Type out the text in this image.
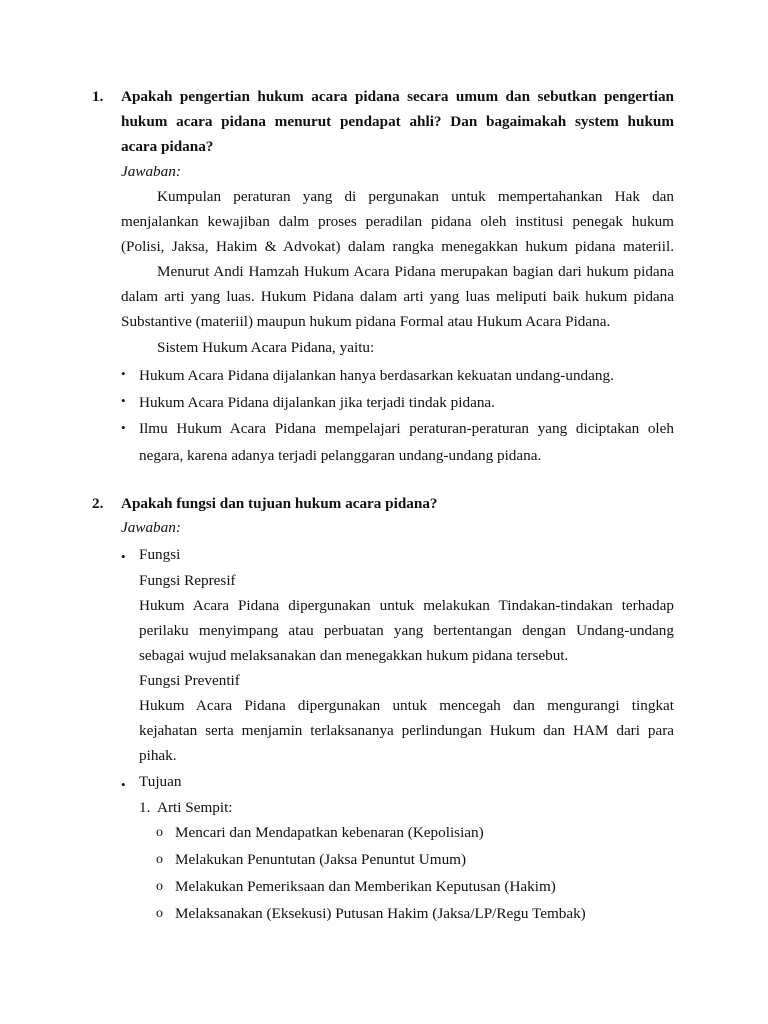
1. Apakah pengertian hukum acara pidana secara umum dan sebutkan pengertian
hukum acara pidana menurut pendapat ahli? Dan bagaimakah system hukum
acara pidana?
Jawaban:
Kumpulan peraturan yang di pergunakan untuk mempertahankan Hak dan
menjalankan kewajiban dalm proses peradilan pidana oleh institusi penegak hukum
(Polisi, Jaksa, Hakim & Advokat) dalam rangka menegakkan hukum pidana materiil.
Menurut Andi Hamzah Hukum Acara Pidana merupakan bagian dari hukum pidana
dalam arti yang luas. Hukum Pidana dalam arti yang luas meliputi baik hukum pidana
Substantive (materiil) maupun hukum pidana Formal atau Hukum Acara Pidana.
Sistem Hukum Acara Pidana, yaitu:
• Hukum Acara Pidana dijalankan hanya berdasarkan kekuatan undang-undang.
• Hukum Acara Pidana dijalankan jika terjadi tindak pidana.
• Ilmu Hukum Acara Pidana mempelajari peraturan-peraturan yang diciptakan oleh
negara, karena adanya terjadi pelanggaran undang-undang pidana.
2. Apakah fungsi dan tujuan hukum acara pidana?
Jawaban:
• Fungsi
Fungsi Represif
Hukum Acara Pidana dipergunakan untuk melakukan Tindakan-tindakan terhadap
perilaku menyimpang atau perbuatan yang bertentangan dengan Undang-undang
sebagai wujud melaksanakan dan menegakkan hukum pidana tersebut.
Fungsi Preventif
Hukum Acara Pidana dipergunakan untuk mencegah dan mengurangi tingkat
kejahatan serta menjamin terlaksananya perlindungan Hukum dan HAM dari para
pihak.
• Tujuan
1. Arti Sempit:
o Mencari dan Mendapatkan kebenaran (Kepolisian)
o Melakukan Penuntutan (Jaksa Penuntut Umum)
o Melakukan Pemeriksaan dan Memberikan Keputusan (Hakim)
o Melaksanakan (Eksekusi) Putusan Hakim (Jaksa/LP/Regu Tembak)
